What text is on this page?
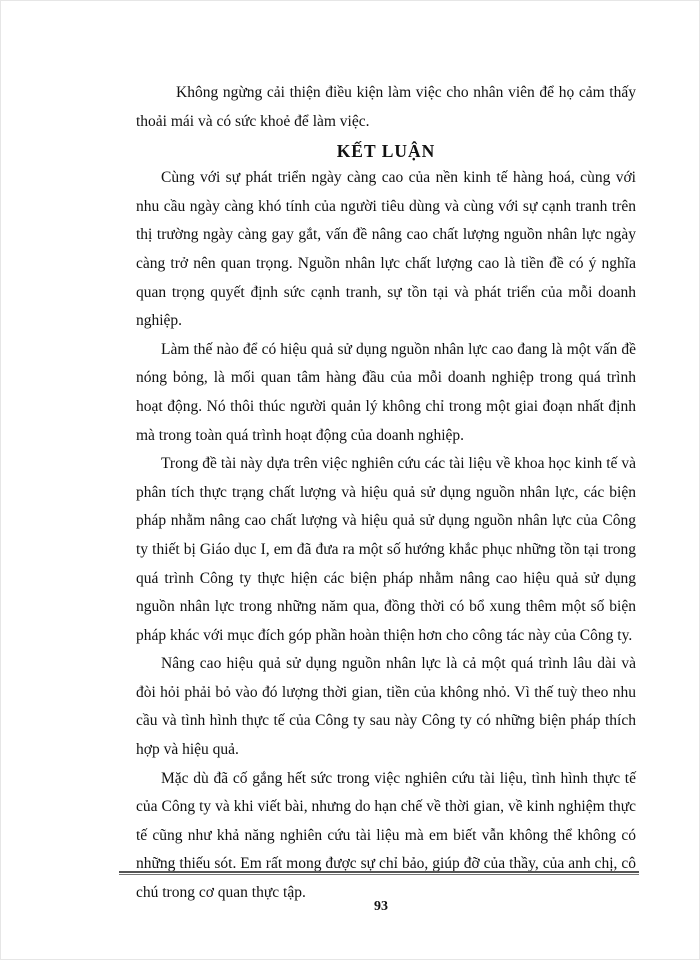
Không ngừng cải thiện điều kiện làm việc cho nhân viên để họ cảm thấy thoải mái và có sức khoẻ để làm việc.

KẾT LUẬN

Cùng với sự phát triển ngày càng cao của nền kinh tế hàng hoá, cùng với nhu cầu ngày càng khó tính của người tiêu dùng và cùng với sự cạnh tranh trên thị trường ngày càng gay gắt, vấn đề nâng cao chất lượng nguồn nhân lực ngày càng trở nên quan trọng. Nguồn nhân lực chất lượng cao là tiền đề có ý nghĩa quan trọng quyết định sức cạnh tranh, sự tồn tại và phát triển của mỗi doanh nghiệp.

Làm thế nào để có hiệu quả sử dụng nguồn nhân lực cao đang là một vấn đề nóng bỏng, là mối quan tâm hàng đầu của mỗi doanh nghiệp trong quá trình hoạt động. Nó thôi thúc người quản lý không chỉ trong một giai đoạn nhất định mà trong toàn quá trình hoạt động của doanh nghiệp.

Trong đề tài này dựa trên việc nghiên cứu các tài liệu về khoa học kinh tế và phân tích thực trạng chất lượng và hiệu quả sử dụng nguồn nhân lực, các biện pháp nhằm nâng cao chất lượng và hiệu quả sử dụng nguồn nhân lực của Công ty thiết bị Giáo dục I, em đã đưa ra một số hướng khắc phục những tồn tại trong quá trình Công ty thực hiện các biện pháp nhằm nâng cao hiệu quả sử dụng nguồn nhân lực trong những năm qua, đồng thời có bổ xung thêm một số biện pháp khác với mục đích góp phần hoàn thiện hơn cho công tác này của Công ty.

Nâng cao hiệu quả sử dụng nguồn nhân lực là cả một quá trình lâu dài và đòi hỏi phải bỏ vào đó lượng thời gian, tiền của không nhỏ. Vì thế tuỳ theo nhu cầu và tình hình thực tế của Công ty sau này Công ty có những biện pháp thích hợp và hiệu quả.

Mặc dù đã cố gắng hết sức trong việc nghiên cứu tài liệu, tình hình thực tế của Công ty và khi viết bài, nhưng do hạn chế về thời gian, về kinh nghiệm thực tế cũng như khả năng nghiên cứu tài liệu mà em biết vẫn không thể không có những thiếu sót. Em rất mong được sự chỉ bảo, giúp đỡ của thầy, của anh chị, cô chú trong cơ quan thực tập.

93
